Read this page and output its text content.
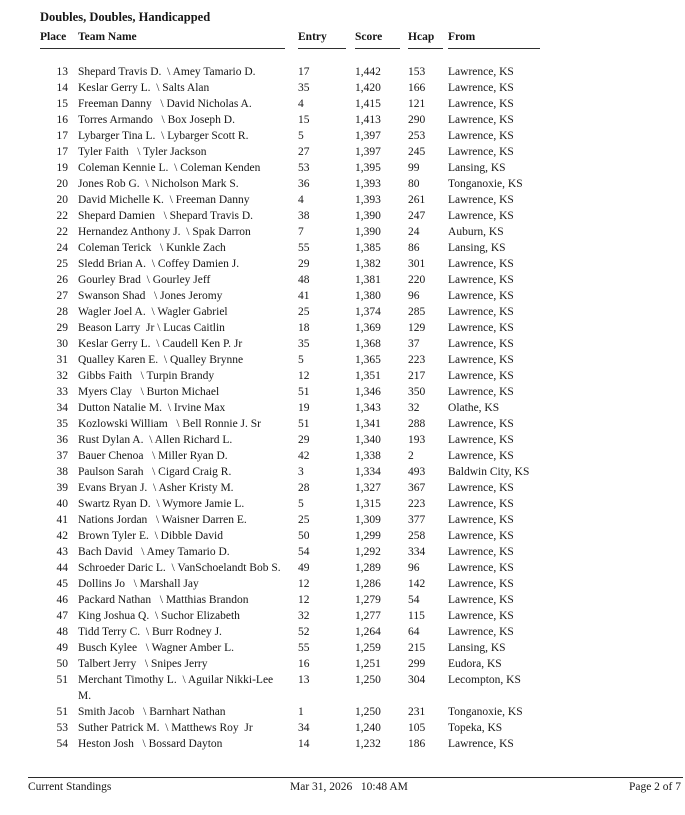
Doubles, Doubles, Handicapped
Place Team Name		Entry	Score	Hcap	From

13	Shepard Travis D.  \ Amey Tamario D.	17	1,442	153	Lawrence, KS
14	Keslar Gerry L.  \ Salts Alan	35	1,420	166	Lawrence, KS
15	Freeman Danny   \ David Nicholas A.	4	1,415	121	Lawrence, KS
16	Torres Armando   \ Box Joseph D.	15	1,413	290	Lawrence, KS
17	Lybarger Tina L.  \ Lybarger Scott R.	5	1,397	253	Lawrence, KS
17	Tyler Faith   \ Tyler Jackson	27	1,397	245	Lawrence, KS
19	Coleman Kennie L.  \ Coleman Kenden	53	1,395	99	Lansing, KS
20	Jones Rob G.  \ Nicholson Mark S.	36	1,393	80	Tonganoxie, KS
20	David Michelle K.  \ Freeman Danny	4	1,393	261	Lawrence, KS
22	Shepard Damien   \ Shepard Travis D.	38	1,390	247	Lawrence, KS
22	Hernandez Anthony J.  \ Spak Darron	7	1,390	24	Auburn, KS
24	Coleman Terick   \ Kunkle Zach	55	1,385	86	Lansing, KS
25	Sledd Brian A.  \ Coffey Damien J.	29	1,382	301	Lawrence, KS
26	Gourley Brad  \ Gourley Jeff	48	1,381	220	Lawrence, KS
27	Swanson Shad   \ Jones Jeromy	41	1,380	96	Lawrence, KS
28	Wagler Joel A.  \ Wagler Gabriel	25	1,374	285	Lawrence, KS
29	Beason Larry  Jr \ Lucas Caitlin	18	1,369	129	Lawrence, KS
30	Keslar Gerry L.  \ Caudell Ken P. Jr	35	1,368	37	Lawrence, KS
31	Qualley Karen E.  \ Qualley Brynne	5	1,365	223	Lawrence, KS
32	Gibbs Faith   \ Turpin Brandy	12	1,351	217	Lawrence, KS
33	Myers Clay   \ Burton Michael	51	1,346	350	Lawrence, KS
34	Dutton Natalie M.  \ Irvine Max	19	1,343	32	Olathe, KS
35	Kozlowski William   \ Bell Ronnie J. Sr	51	1,341	288	Lawrence, KS
36	Rust Dylan A.  \ Allen Richard L.	29	1,340	193	Lawrence, KS
37	Bauer Chenoa   \ Miller Ryan D.	42	1,338	2	Lawrence, KS
38	Paulson Sarah   \ Cigard Craig R.	3	1,334	493	Baldwin City, KS
39	Evans Bryan J.  \ Asher Kristy M.	28	1,327	367	Lawrence, KS
40	Swartz Ryan D.  \ Wymore Jamie L.	5	1,315	223	Lawrence, KS
41	Nations Jordan   \ Waisner Darren E.	25	1,309	377	Lawrence, KS
42	Brown Tyler E.  \ Dibble David	50	1,299	258	Lawrence, KS
43	Bach David   \ Amey Tamario D.	54	1,292	334	Lawrence, KS
44	Schroeder Daric L.  \ VanSchoelandt Bob S.	49	1,289	96	Lawrence, KS
45	Dollins Jo   \ Marshall Jay	12	1,286	142	Lawrence, KS
46	Packard Nathan   \ Matthias Brandon	12	1,279	54	Lawrence, KS
47	King Joshua Q.  \ Suchor Elizabeth	32	1,277	115	Lawrence, KS
48	Tidd Terry C.  \ Burr Rodney J.	52	1,264	64	Lawrence, KS
49	Busch Kylee   \ Wagner Amber L.	55	1,259	215	Lansing, KS
50	Talbert Jerry   \ Snipes Jerry	16	1,251	299	Eudora, KS
51	Merchant Timothy L.  \ Aguilar Nikki-Lee M.	13	1,250	304	Lecompton, KS
51	Smith Jacob   \ Barnhart Nathan	1	1,250	231	Tonganoxie, KS
53	Suther Patrick M.  \ Matthews Roy  Jr	34	1,240	105	Topeka, KS
54	Heston Josh   \ Bossard Dayton	14	1,232	186	Lawrence, KS
Current Standings	Mar 31, 2026   10:48 AM	Page 2 of 7
